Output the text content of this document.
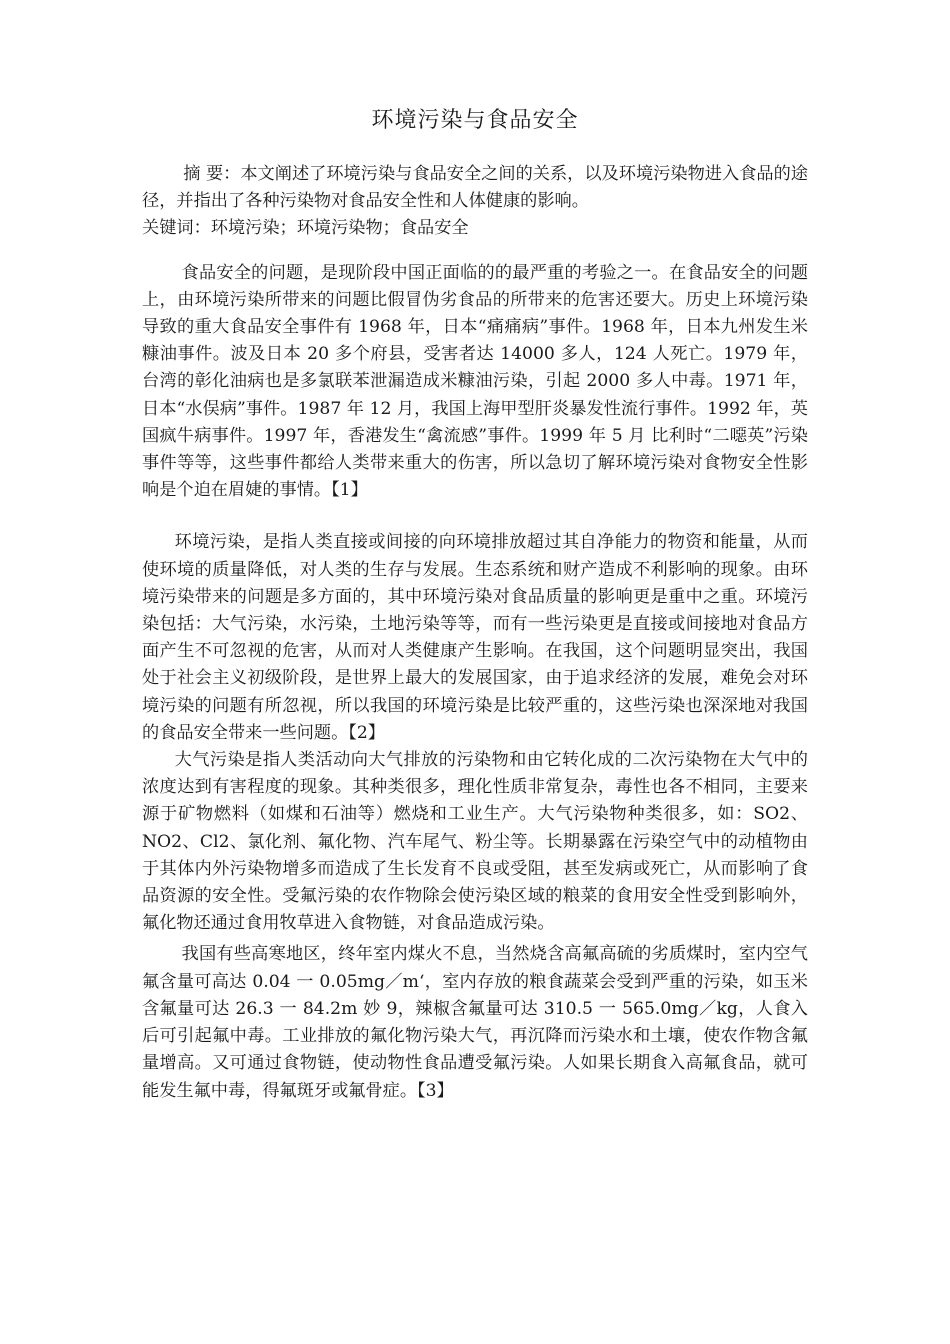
环境污染与食品安全

摘 要：本文阐述了环境污染与食品安全之间的关系，以及环境污染物进入食品的途径，并指出了各种污染物对食品安全性和人体健康的影响。

关键词：环境污染；环境污染物；食品安全

食品安全的问题，是现阶段中国正面临的的最严重的考验之一。在食品安全的问题上，由环境污染所带来的问题比假冒伪劣食品的所带来的危害还要大。历史上环境污染导致的重大食品安全事件有 1968 年，日本“痛痛病”事件。1968 年，日本九州发生米糠油事件。波及日本 20 多个府县，受害者达 14000 多人，124 人死亡。1979 年，台湾的彰化油病也是多氯联苯泄漏造成米糠油污染，引起 2000 多人中毒。1971 年，日本“水俣病”事件。1987 年 12 月，我国上海甲型肝炎暴发性流行事件。1992 年，英国疯牛病事件。1997 年，香港发生“禽流感”事件。1999 年 5 月 比利时“二噁英”污染事件等等，这些事件都给人类带来重大的伤害，所以急切了解环境污染对食物安全性影响是个迫在眉婕的事情。【1】

环境污染，是指人类直接或间接的向环境排放超过其自净能力的物资和能量，从而使环境的质量降低，对人类的生存与发展。生态系统和财产造成不利影响的现象。由环境污染带来的问题是多方面的，其中环境污染对食品质量的影响更是重中之重。环境污染包括：大气污染，水污染，土地污染等等，而有一些污染更是直接或间接地对食品方面产生不可忽视的危害，从而对人类健康产生影响。在我国，这个问题明显突出，我国处于社会主义初级阶段，是世界上最大的发展国家，由于追求经济的发展，难免会对环境污染的问题有所忽视，所以我国的环境污染是比较严重的，这些污染也深深地对我国的食品安全带来一些问题。【2】

大气污染是指人类活动向大气排放的污染物和由它转化成的二次污染物在大气中的浓度达到有害程度的现象。其种类很多，理化性质非常复杂，毒性也各不相同，主要来源于矿物燃料（如煤和石油等）燃烧和工业生产。大气污染物种类很多，如：SO2、NO2、Cl2、氯化剂、氟化物、汽车尾气、粉尘等。长期暴露在污染空气中的动植物由于其体内外污染物增多而造成了生长发育不良或受阻，甚至发病或死亡，从而影响了食品资源的安全性。受氟污染的农作物除会使污染区域的粮菜的食用安全性受到影响外，氟化物还通过食用牧草进入食物链，对食品造成污染。

我国有些高寒地区，终年室内煤火不息，当然烧含高氟高硫的劣质煤时，室内空气氟含量可高达 0.04 一 0.05mg／m‘，室内存放的粮食蔬菜会受到严重的污染，如玉米含氟量可达 26.3 一 84.2m 妙 9，辣椒含氟量可达 310.5 一 565.0mg／kg，人食入后可引起氟中毒。工业排放的氟化物污染大气，再沉降而污染水和土壤，使农作物含氟量增高。又可通过食物链，使动物性食品遭受氟污染。人如果长期食入高氟食品，就可能发生氟中毒，得氟斑牙或氟骨症。【3】
